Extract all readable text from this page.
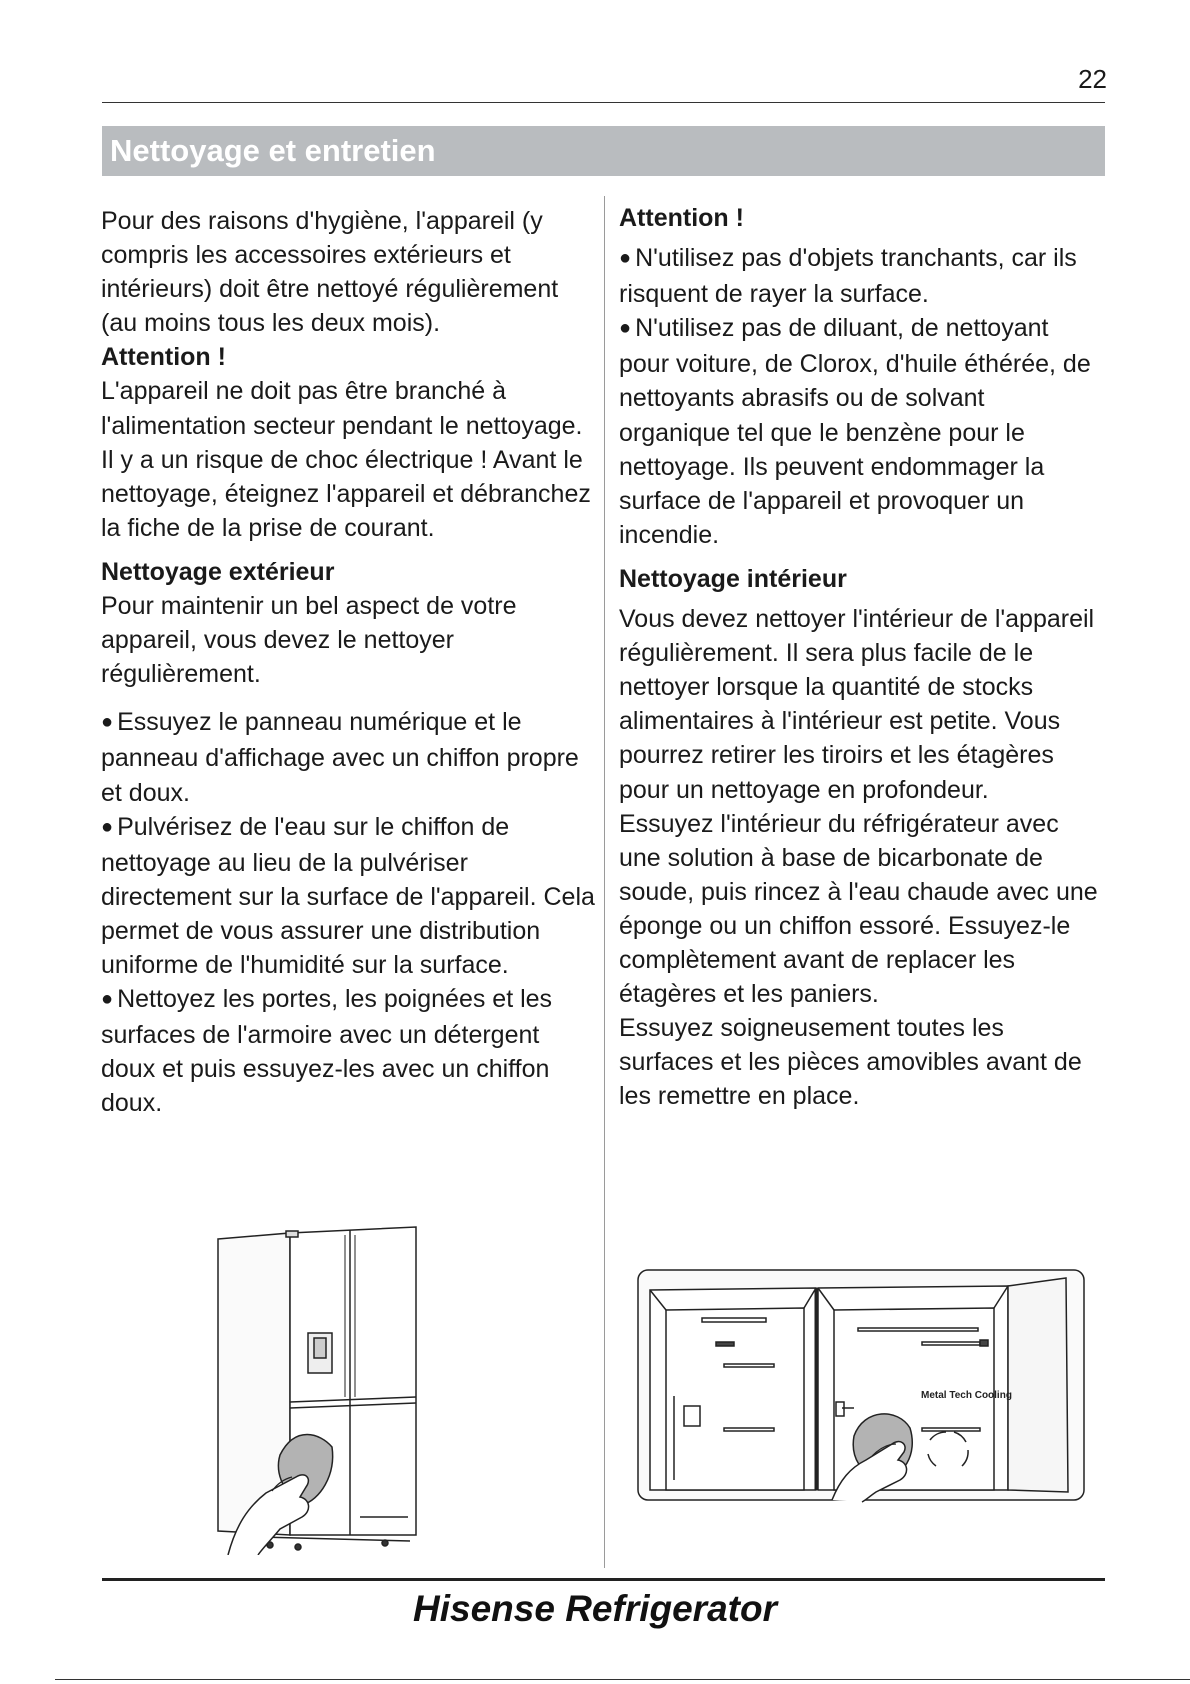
22
Nettoyage et entretien

Pour des raisons d'hygiène, l'appareil (y compris les accessoires extérieurs et intérieurs) doit être nettoyé régulièrement (au moins tous les deux mois).

Attention !

L'appareil ne doit pas être branché à l'alimentation secteur pendant le nettoyage. Il y a un risque de choc électrique ! Avant le nettoyage, éteignez l'appareil et débranchez la fiche de la prise de courant.

Nettoyage extérieur

Pour maintenir un bel aspect de votre appareil, vous devez le nettoyer régulièrement.

● Essuyez le panneau numérique et le panneau d'affichage avec un chiffon propre et doux.

● Pulvérisez de l'eau sur le chiffon de nettoyage au lieu de la pulvériser directement sur la surface de l'appareil. Cela permet de vous assurer une distribution uniforme de l'humidité sur la surface.

● Nettoyez les portes, les poignées et les surfaces de l'armoire avec un détergent doux et puis essuyez-les avec un chiffon doux.

Attention !

● N'utilisez pas d'objets tranchants, car ils risquent de rayer la surface.

● N'utilisez pas de diluant, de nettoyant pour voiture, de Clorox, d'huile éthérée, de nettoyants abrasifs ou de solvant organique tel que le benzène pour le nettoyage. Ils peuvent endommager la surface de l'appareil et provoquer un incendie.

Nettoyage intérieur

Vous devez nettoyer l'intérieur de l'appareil régulièrement. Il sera plus facile de le nettoyer lorsque la quantité de stocks alimentaires à l'intérieur est petite. Vous pourrez retirer les tiroirs et les étagères pour un nettoyage en profondeur.

Essuyez l'intérieur du réfrigérateur avec une solution à base de bicarbonate de soude, puis rincez à l'eau chaude avec une éponge ou un chiffon essoré. Essuyez-le complètement avant de replacer les étagères et les paniers.

Essuyez soigneusement toutes les surfaces et les pièces amovibles avant de les remettre en place.

Metal Tech Cooling
Hisense Refrigerator
